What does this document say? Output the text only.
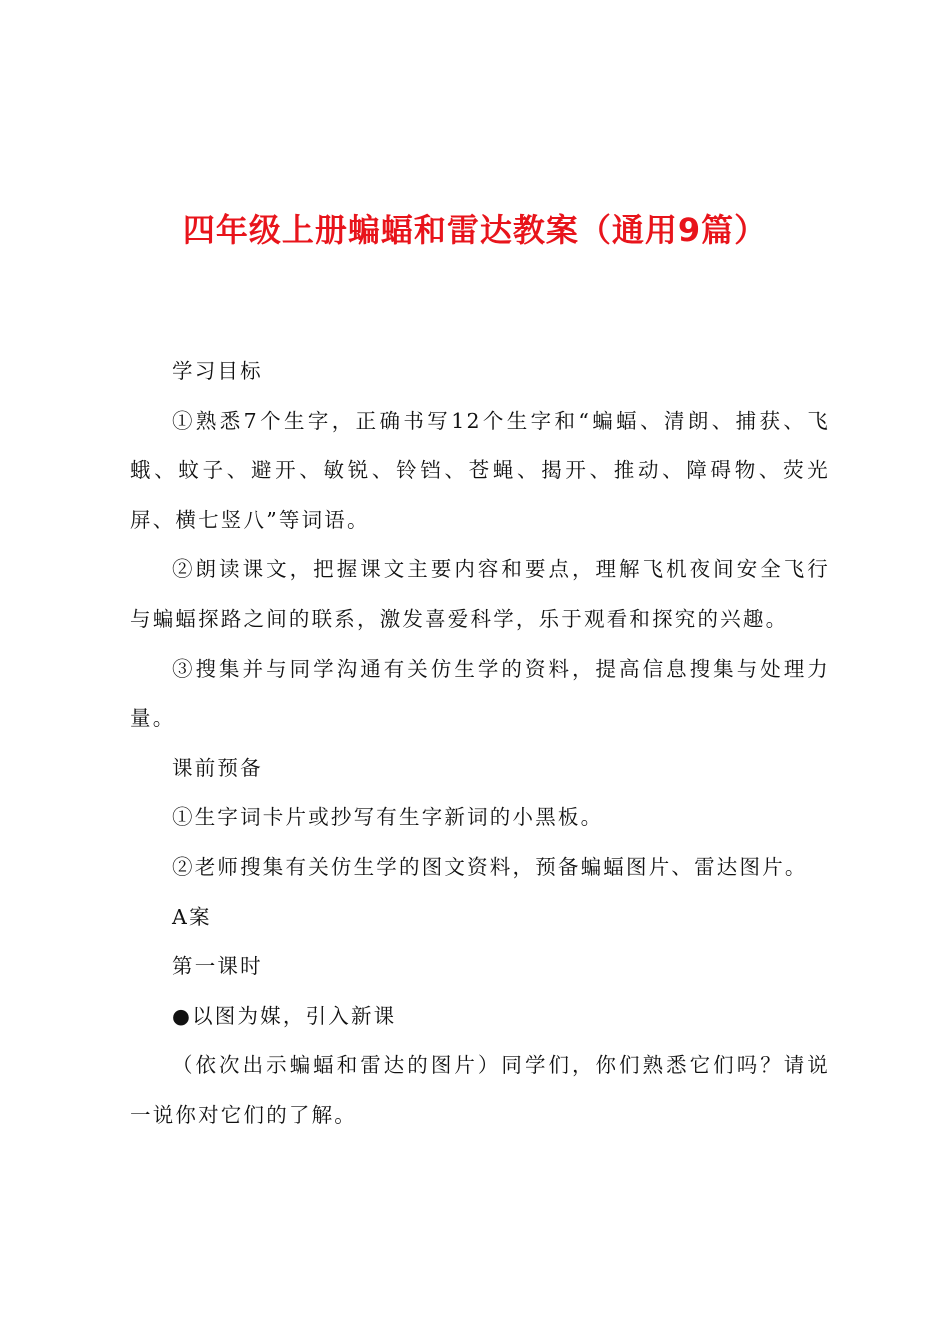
四年级上册蝙蝠和雷达教案（通用9篇）

学习目标

①熟悉7个生字，正确书写12个生字和“蝙蝠、清朗、捕获、飞蛾、蚊子、避开、敏锐、铃铛、苍蝇、揭开、推动、障碍物、荧光屏、横七竖八”等词语。

②朗读课文，把握课文主要内容和要点，理解飞机夜间安全飞行与蝙蝠探路之间的联系，激发喜爱科学，乐于观看和探究的兴趣。

③搜集并与同学沟通有关仿生学的资料，提高信息搜集与处理力量。

课前预备

①生字词卡片或抄写有生字新词的小黑板。

②老师搜集有关仿生学的图文资料，预备蝙蝠图片、雷达图片。

A案

第一课时

●以图为媒，引入新课

（依次出示蝙蝠和雷达的图片）同学们，你们熟悉它们吗？请说一说你对它们的了解。
